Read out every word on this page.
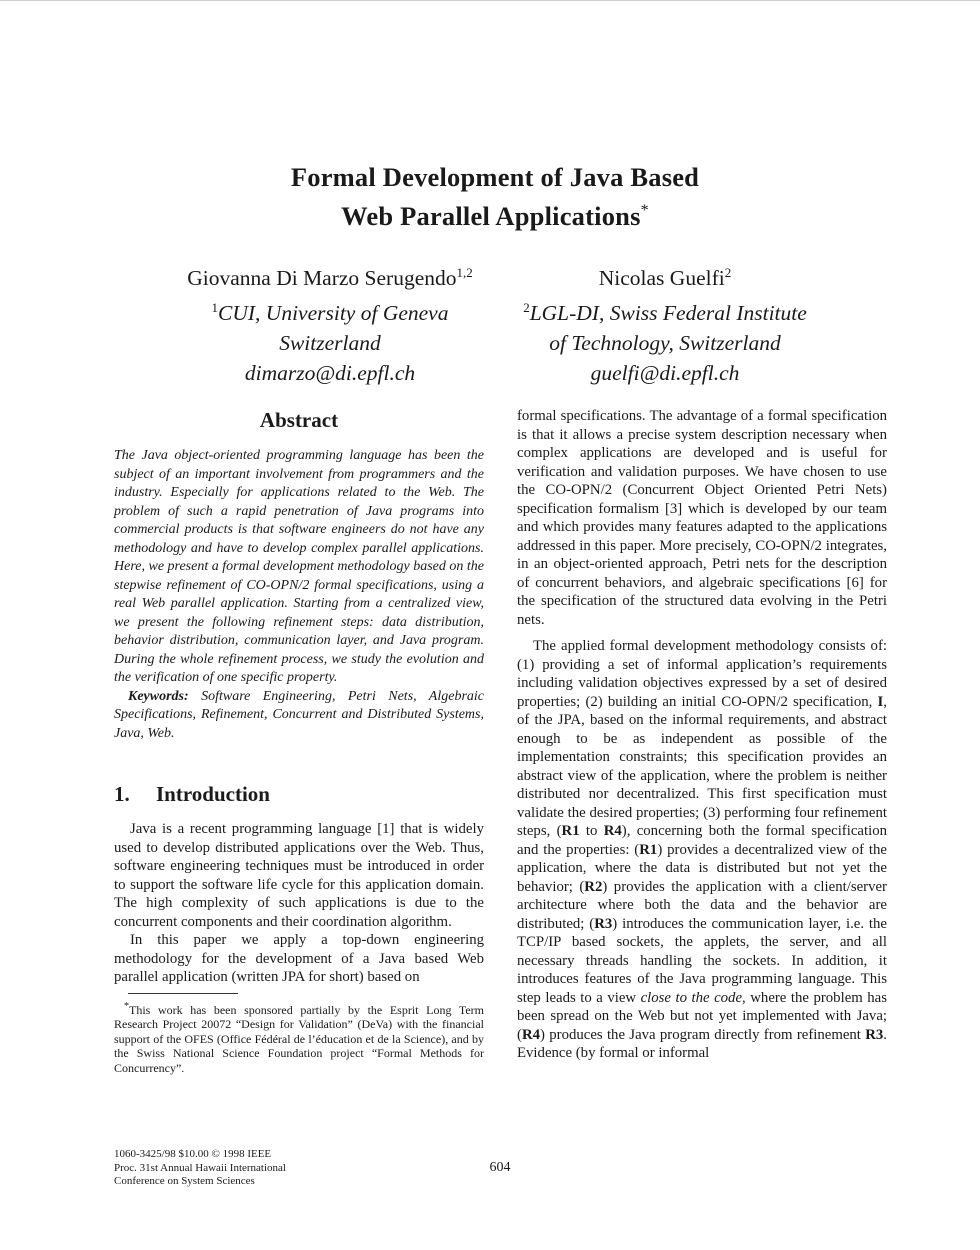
Formal Development of Java Based
Web Parallel Applications*
Giovanna Di Marzo Serugendo$^{1,2}$
$^1$CUI, University of Geneva
Switzerland
dimarzo@di.epfl.ch
Nicolas Guelfi$^2$
$^2$LGL-DI, Swiss Federal Institute
of Technology, Switzerland
guelfi@di.epfl.ch
Abstract

The Java object-oriented programming language has been the subject of an important involvement from programmers and the industry. Especially for applications related to the Web. The problem of such a rapid penetration of Java programs into commercial products is that software engineers do not have any methodology and have to develop complex parallel applications. Here, we present a formal development methodology based on the stepwise refinement of CO-OPN/2 formal specifications, using a real Web parallel application. Starting from a centralized view, we present the following refinement steps: data distribution, behavior distribution, communication layer, and Java program. During the whole refinement process, we study the evolution and the verification of one specific property.

Keywords: Software Engineering, Petri Nets, Algebraic Specifications, Refinement, Concurrent and Distributed Systems, Java, Web.

1. Introduction

Java is a recent programming language [1] that is widely used to develop distributed applications over the Web. Thus, software engineering techniques must be introduced in order to support the software life cycle for this application domain. The high complexity of such applications is due to the concurrent components and their coordination algorithm.

In this paper we apply a top-down engineering methodology for the development of a Java based Web parallel application (written JPA for short) based on

*This work has been sponsored partially by the Esprit Long Term Research Project 20072 “Design for Validation” (DeVa) with the financial support of the OFES (Office Fédéral de l’éducation et de la Science), and by the Swiss National Science Foundation project “Formal Methods for Concurrency”.

formal specifications. The advantage of a formal specification is that it allows a precise system description necessary when complex applications are developed and is useful for verification and validation purposes. We have chosen to use the CO-OPN/2 (Concurrent Object Oriented Petri Nets) specification formalism [3] which is developed by our team and which provides many features adapted to the applications addressed in this paper. More precisely, CO-OPN/2 integrates, in an object-oriented approach, Petri nets for the description of concurrent behaviors, and algebraic specifications [6] for the specification of the structured data evolving in the Petri nets.

The applied formal development methodology consists of: (1) providing a set of informal application’s requirements including validation objectives expressed by a set of desired properties; (2) building an initial CO-OPN/2 specification, I, of the JPA, based on the informal requirements, and abstract enough to be as independent as possible of the implementation constraints; this specification provides an abstract view of the application, where the problem is neither distributed nor decentralized. This first specification must validate the desired properties; (3) performing four refinement steps, (R1 to R4), concerning both the formal specification and the properties: (R1) provides a decentralized view of the application, where the data is distributed but not yet the behavior; (R2) provides the application with a client/server architecture where both the data and the behavior are distributed; (R3) introduces the communication layer, i.e. the TCP/IP based sockets, the applets, the server, and all necessary threads handling the sockets. In addition, it introduces features of the Java programming language. This step leads to a view close to the code, where the problem has been spread on the Web but not yet implemented with Java; (R4) produces the Java program directly from refinement R3. Evidence (by formal or informal

1060-3425/98 $10.00 © 1998 IEEE
Proc. 31st Annual Hawaii International
Conference on System Sciences
604
